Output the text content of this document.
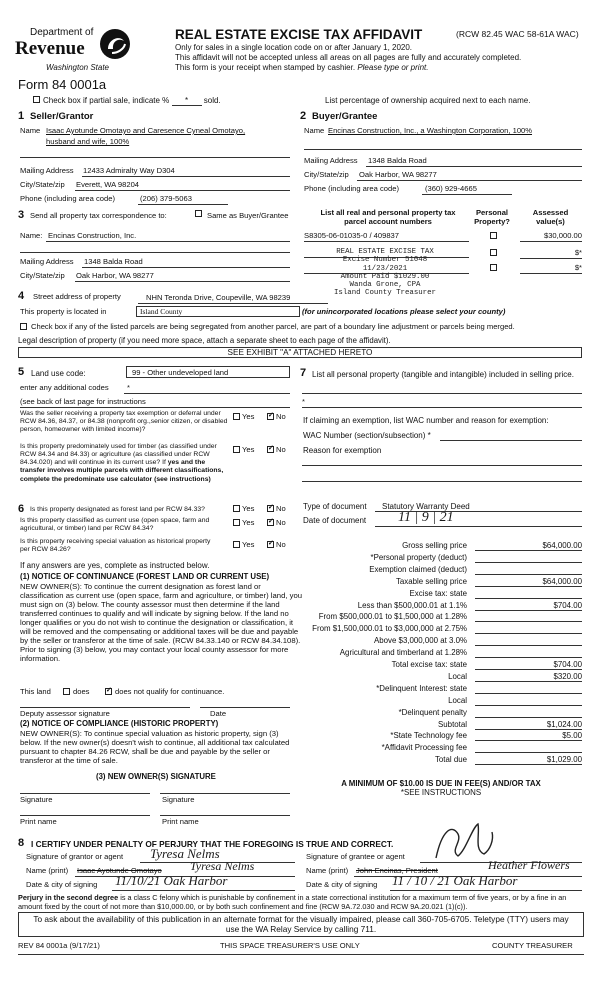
Department of
Revenue
Washington State
Form 84 0001a
REAL ESTATE EXCISE TAX AFFIDAVIT	(RCW 82.45 WAC 58-61A WAC)
Only for sales in a single location code on or after January 1, 2020.
This affidavit will not be accepted unless all areas on all pages are fully and accurately completed.
This form is your receipt when stamped by cashier. Please type or print.
Check box if partial sale, indicate % * sold.	List percentage of ownership acquired next to each name.
1 Seller/Grantor
Name Isaac Ayotunde Omotayo and Caresence Cyneal Omotayo,
husband and wife, 100%
Mailing Address 12433 Admiralty Way D304
City/State/zip Everett, WA 98204
Phone (including area code)	(206) 379-5063
2 Buyer/Grantee
Name Encinas Construction, Inc., a Washington Corporation, 100%
Mailing Address 1348 Balda Road
City/State/zip Oak Harbor, WA 98277
Phone (including area code)	(360) 929-4665
3 Send all property tax correspondence to:	Same as Buyer/Grantee
Name: Encinas Construction, Inc.
Mailing Address 1348 Balda Road
City/State/zip Oak Harbor, WA 98277
List all real and personal property tax
parcel account numbers
Personal
Property?
Assessed
value(s)
S8305-06-01035-0 / 409837	$30,000.00
$*
$*
REAL ESTATE EXCISE TAX
Excise Number 51048
11/23/2021
Amount Paid $1029.00
Wanda Grone, CPA
Island County Treasurer
4 Street address of property	NHN Teronda Drive, Coupeville, WA 98239
This property is located in	Island County	(for unincorporated locations please select your county)
Check box if any of the listed parcels are being segregated from another parcel, are part of a boundary line adjustment or parcels being merged.
Legal description of property (if you need more space, attach a separate sheet to each page of the affidavit).
SEE EXHIBIT "A" ATTACHED HERETO
5 Land use code:	99 - Other undeveloped land
enter any additional codes *
(see back of last page for instructions
Was the seller receiving a property tax exemption or deferral under RCW 84.36, 84.37, or 84.38 (nonprofit org.,senior citizen, or disabled person, homeowner with limited income)?
Yes ✓	No
Is this property predominately used for timber (as classified under RCW 84.34 and 84.33) or agriculture (as classified under RCW 84.34.020) and will continue in its current use? If yes and the transfer involves multiple parcels with different classifications, complete the predominate use calculator (see instructions)
Yes ✓	No
6 Is this property designated as forest land per RCW 84.33?	Yes ✓	No
Is this property classified as current use (open space, farm and agricultural, or timber) land per RCW 84.34?
Yes ✓	No
Is this property receiving special valuation as historical property per RCW 84.26?
Yes ✓	No
If any answers are yes, complete as instructed below.
(1) NOTICE OF CONTINUANCE (FOREST LAND OR CURRENT USE)
NEW OWNER(S): To continue the current designation as forest land or classification as current use (open space, farm and agriculture, or timber) land, you must sign on (3) below. The county assessor must then determine if the land transferred continues to qualify and will indicate by signing below. If the land no longer qualifies or you do not wish to continue the designation or classification, it will be removed and the compensating or additional taxes will be due and payable by the seller or transferor at the time of sale. (RCW 84.33.140 or RCW 84.34.108). Prior to signing (3) below, you may contact your local county assessor for more information.
This land	does ✓	does not qualify for continuance.
Deputy assessor signature	Date
(2) NOTICE OF COMPLIANCE (HISTORIC PROPERTY)
NEW OWNER(S): To continue special valuation as historic property, sign (3) below. If the new owner(s) doesn't wish to continue, all additional tax calculated pursuant to chapter 84.26 RCW, shall be due and payable by the seller or transferor at the time of sale.
(3) NEW OWNER(S) SIGNATURE
Signature	Signature
Print name	Print name
7 List all personal property (tangible and intangible) included in selling price.
*
If claiming an exemption, list WAC number and reason for exemption:
WAC Number (section/subsection) *
Reason for exemption
Type of document Statutory Warranty Deed
Date of document 11 | 9 | 21
Gross selling price	$64,000.00
*Personal property (deduct)
Exemption claimed (deduct)
Taxable selling price	$64,000.00
Excise tax: state
Less than $500,000.01 at 1.1%	$704.00
From $500,000.01 to $1,500,000 at 1.28%
From $1,500,000.01 to $3,000,000 at 2.75%
Above $3,000,000 at 3.0%
Agricultural and timberland at 1.28%
Total excise tax: state	$704.00
Local	$320.00
*Delinquent Interest: state
Local
*Delinquent penalty
Subtotal	$1,024.00
*State Technology fee	$5.00
*Affidavit Processing fee
Total due	$1,029.00
A MINIMUM OF $10.00 IS DUE IN FEE(S) AND/OR TAX
*SEE INSTRUCTIONS
8 I CERTIFY UNDER PENALTY OF PERJURY THAT THE FOREGOING IS TRUE AND CORRECT.
Signature of grantor or agent Tyresa Nelms	Signature of grantee or agent
Name (print) Isaac Ayotunde Omotayo Tyresa Nelms	Name (print) John Encinas, President	Heather Flowers
Date & city of signing 11/10/21 Oak Harbor	Date & city of signing 11 / 10 / 21 Oak Harbor
Perjury in the second degree is a class C felony which is punishable by confinement in a state correctional institution for a maximum term of five years, or by a fine in an amount fixed by the court of not more than $10,000.00, or by both such confinement and fine (RCW 9A.72.030 and RCW 9A.20.021 (1)(c)).
To ask about the availability of this publication in an alternate format for the visually impaired, please call 360-705-6705. Teletype (TTY) users may use the WA Relay Service by calling 711.
REV 84 0001a (9/17/21)	THIS SPACE TREASURER'S USE ONLY	COUNTY TREASURER
